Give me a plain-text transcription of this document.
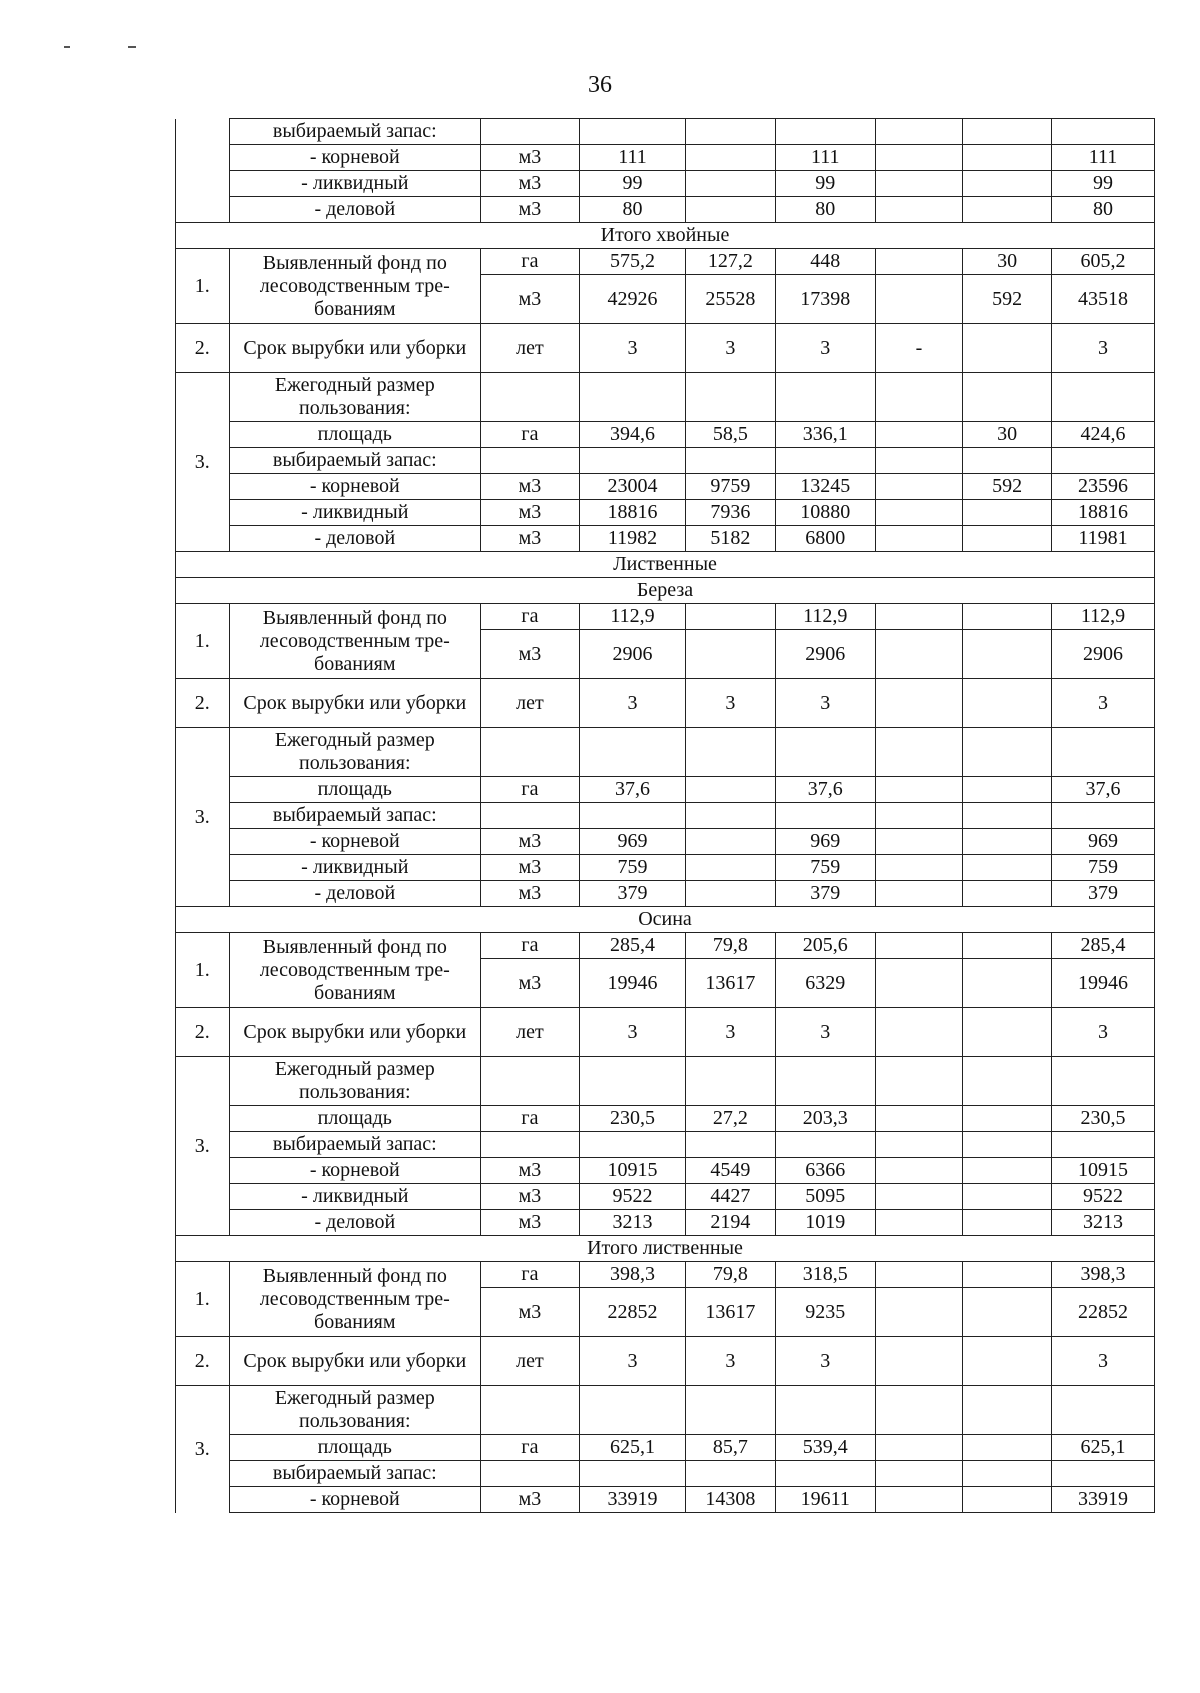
36
	выбираемый запас:							
	- корневой	м3	111		111			111
	- ликвидный	м3	99		99			99
	- деловой	м3	80		80			80
Итого хвойные								
1.	Выявленный фонд по лесоводственным тре-бованиям	га	575,2	127,2	448		30	605,2
		м3	42926	25528	17398		592	43518
2.	Срок вырубки или уборки	лет	3	3	3	-		3
3.	Ежегодный размер пользования:							
	площадь	га	394,6	58,5	336,1		30	424,6
	выбираемый запас:							
	- корневой	м3	23004	9759	13245		592	23596
	- ликвидный	м3	18816	7936	10880			18816
	- деловой	м3	11982	5182	6800			11981
Лиственные								
Береза								
1.	Выявленный фонд по лесоводственным тре-бованиям	га	112,9		112,9			112,9
		м3	2906		2906			2906
2.	Срок вырубки или уборки	лет	3	3	3			3
3.	Ежегодный размер пользования:							
	площадь	га	37,6		37,6			37,6
	выбираемый запас:							
	- корневой	м3	969		969			969
	- ликвидный	м3	759		759			759
	- деловой	м3	379		379			379
Осина								
1.	Выявленный фонд по лесоводственным тре-бованиям	га	285,4	79,8	205,6			285,4
		м3	19946	13617	6329			19946
2.	Срок вырубки или уборки	лет	3	3	3			3
3.	Ежегодный размер пользования:							
	площадь	га	230,5	27,2	203,3			230,5
	выбираемый запас:							
	- корневой	м3	10915	4549	6366			10915
	- ликвидный	м3	9522	4427	5095			9522
	- деловой	м3	3213	2194	1019			3213
Итого лиственные								
1.	Выявленный фонд по лесоводственным тре-бованиям	га	398,3	79,8	318,5			398,3
		м3	22852	13617	9235			22852
2.	Срок вырубки или уборки	лет	3	3	3			3
3.	Ежегодный размер пользования:							
	площадь	га	625,1	85,7	539,4			625,1
	выбираемый запас:							
	- корневой	м3	33919	14308	19611			33919
